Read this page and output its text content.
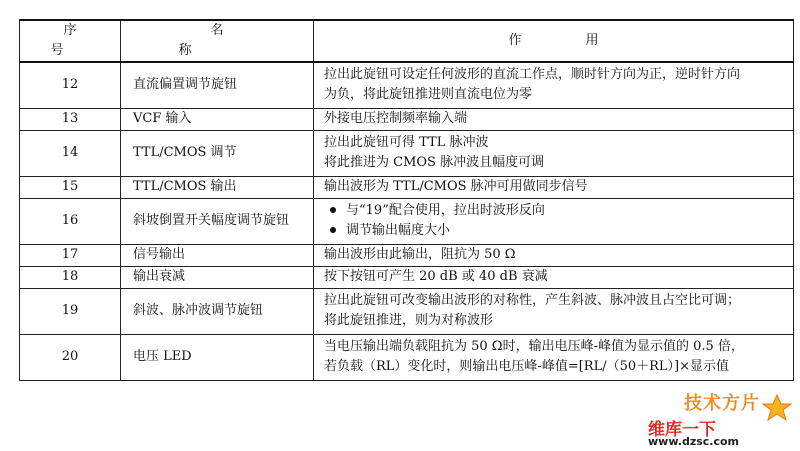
序号	名称	作用
12	直流偏置调节旋钮	拉出此旋钮可设定任何波形的直流工作点，顺时针方向为正，逆时针方向
为负，将此旋钮推进则直流电位为零

13	VCF 输入	外接电压控制频率输入端

14	TTL/CMOS 调节	拉出此旋钮可得 TTL 脉冲波
将此推进为 CMOS 脉冲波且幅度可调

15	TTL/CMOS 输出	输出波形为 TTL/CMOS 脉冲可用做同步信号

16	斜坡倒置开关幅度调节旋钮	与“19”配合使用，拉出时波形反向
调节输出幅度大小

17	信号输出	输出波形由此输出，阻抗为 50 Ω

18	输出衰减	按下按钮可产生 20 dB 或 40 dB 衰减

19	斜波、脉冲波调节旋钮	拉出此旋钮可改变输出波形的对称性，产生斜波、脉冲波且占空比可调；
将此旋钮推进，则为对称波形

20	电压 LED	当电压输出端负载阻抗为 50 Ω时，输出电压峰-峰值为显示值的 0.5 倍，
若负载（RL）变化时，则输出电压峰-峰值=[RL/（50＋RL）]×显示值
技术方片
维库一下
www.dzsc.com
